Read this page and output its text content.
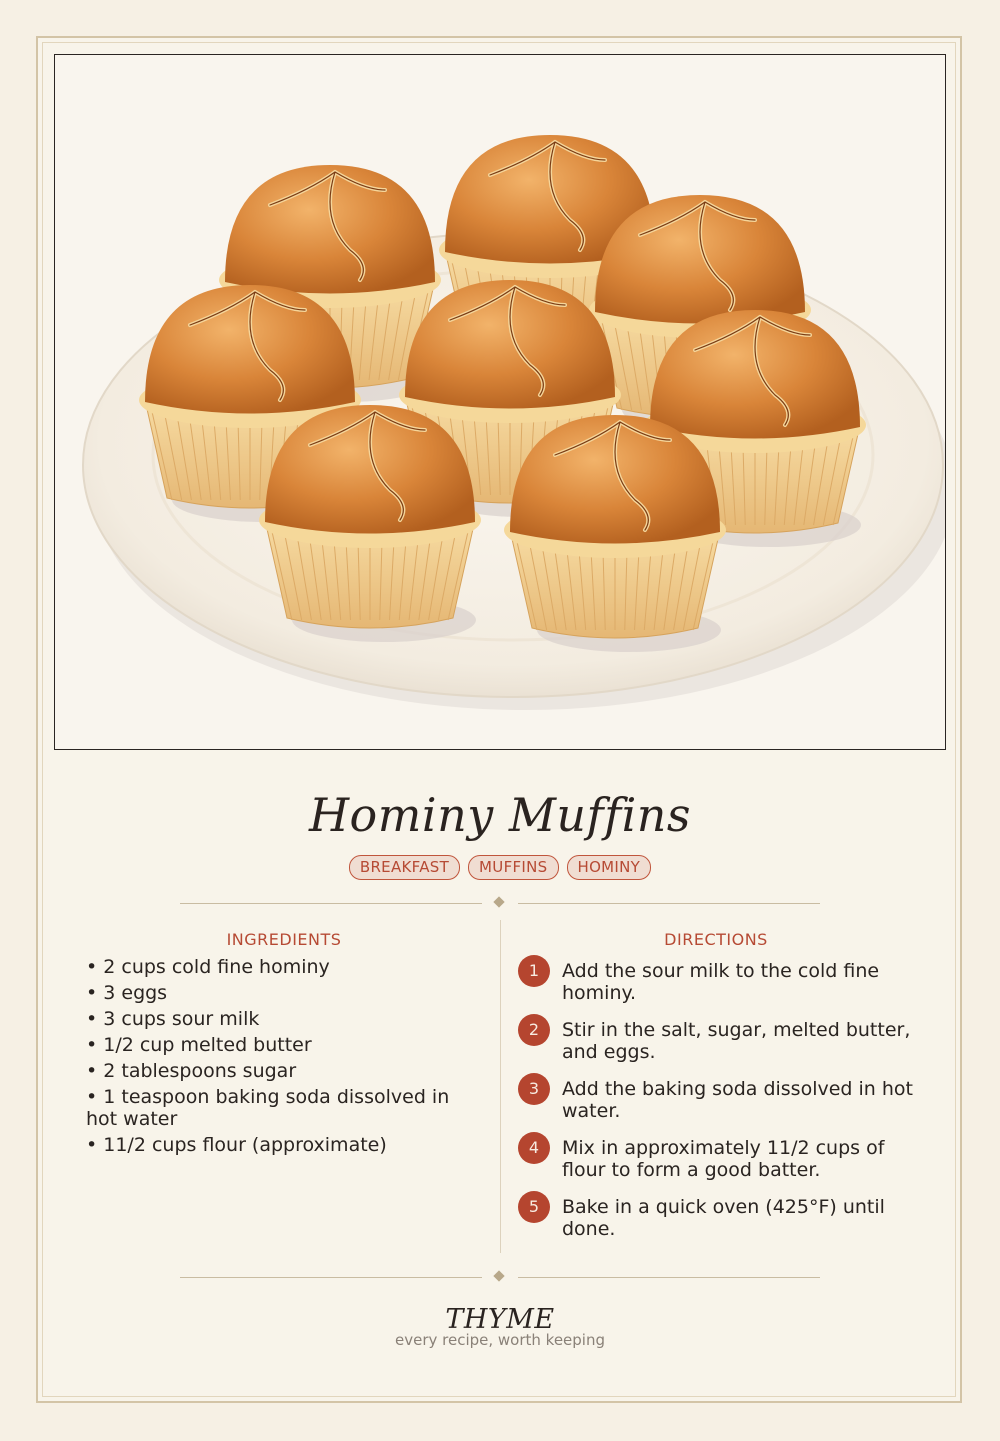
Hominy Muffins
BREAKFAST MUFFINS HOMINY
INGREDIENTS	DIRECTIONS
• 2 cups cold fine hominy
• 3 eggs
• 3 cups sour milk
• 1/2 cup melted butter
• 2 tablespoons sugar
• 1 teaspoon baking soda dissolved in hot water
• 11/2 cups flour (approximate)
1	Add the sour milk to the cold fine hominy.
2	Stir in the salt, sugar, melted butter, and eggs.
3	Add the baking soda dissolved in hot water.
4	Mix in approximately 11/2 cups of flour to form a good batter.
5	Bake in a quick oven (425°F) until done.
THYME
every recipe, worth keeping
